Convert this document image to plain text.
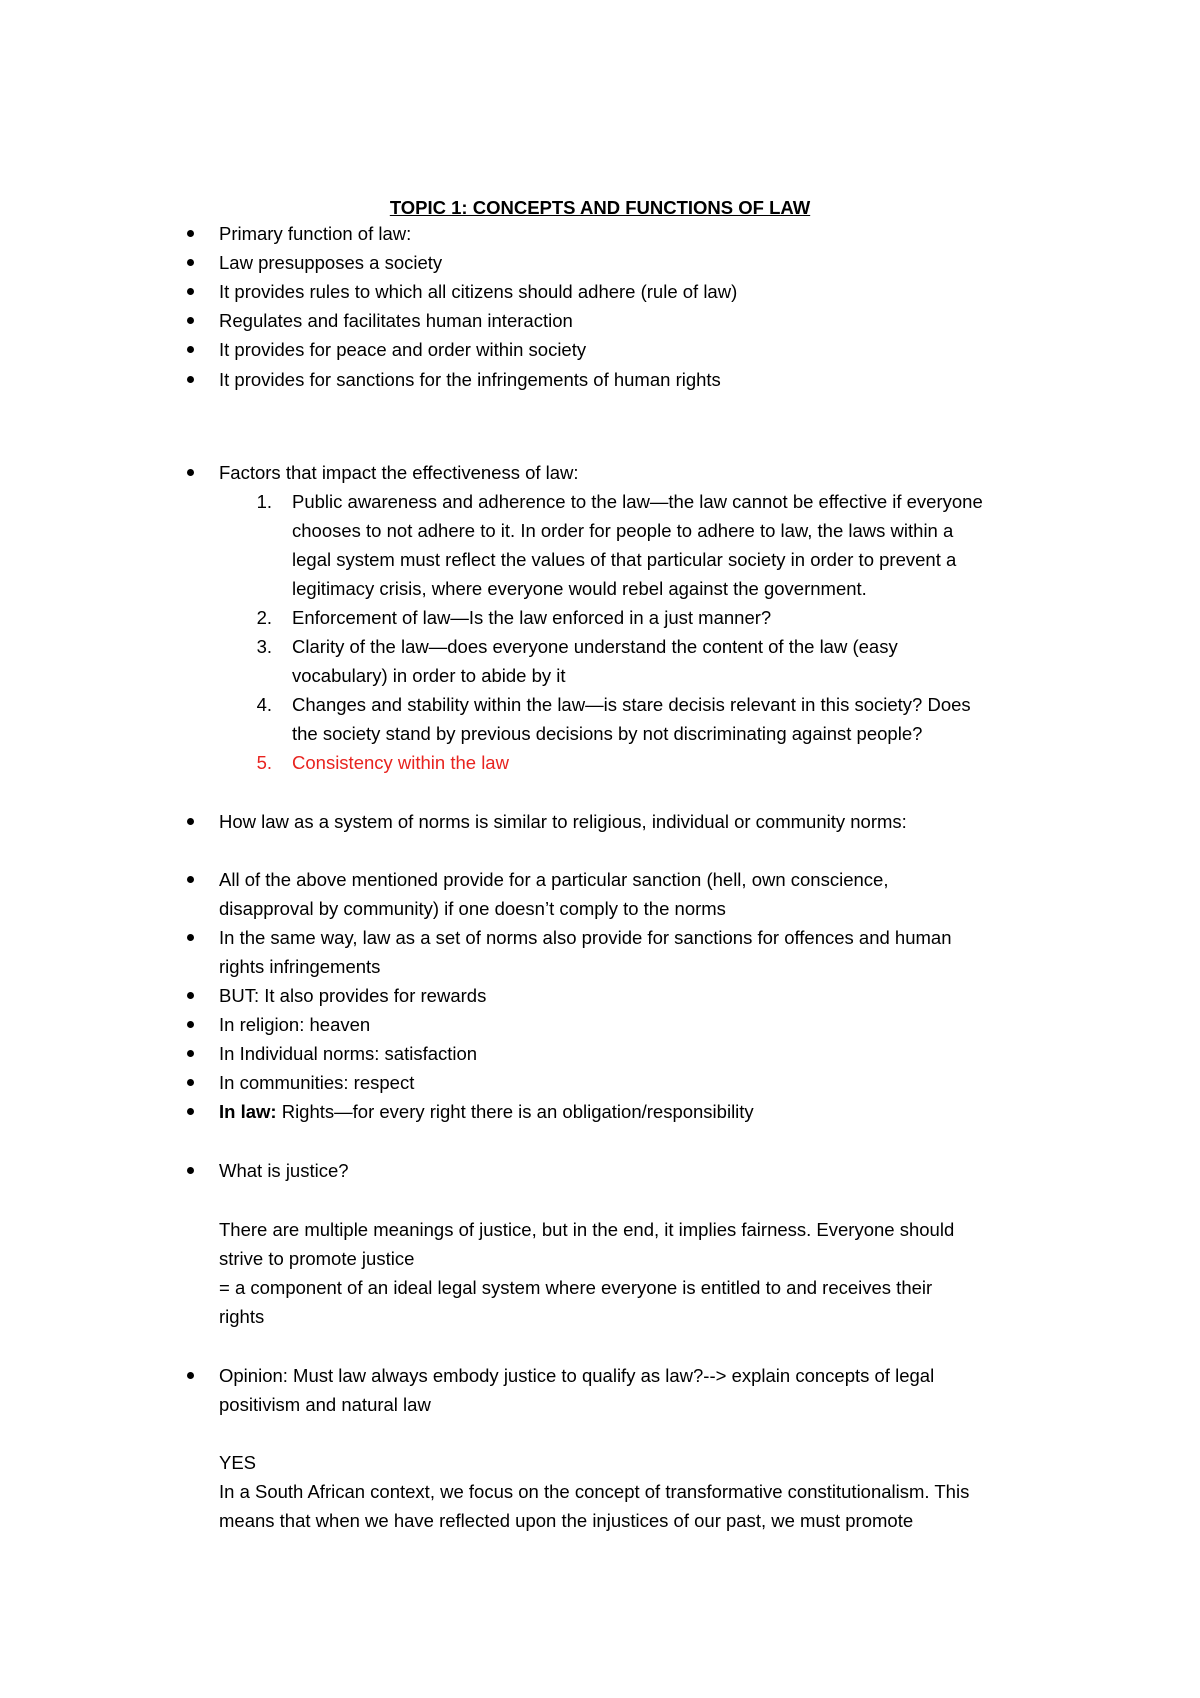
TOPIC 1: CONCEPTS AND FUNCTIONS OF LAW
Primary function of law:
Law presupposes a society
It provides rules to which all citizens should adhere (rule of law)
Regulates and facilitates human interaction
It provides for peace and order within society
It provides for sanctions for the infringements of human rights
Factors that impact the effectiveness of law:
1. Public awareness and adherence to the law—the law cannot be effective if everyone
chooses to not adhere to it. In order for people to adhere to law, the laws within a
legal system must reflect the values of that particular society in order to prevent a
legitimacy crisis, where everyone would rebel against the government.
2. Enforcement of law—Is the law enforced in a just manner?
3. Clarity of the law—does everyone understand the content of the law (easy
vocabulary) in order to abide by it
4. Changes and stability within the law—is stare decisis relevant in this society? Does
the society stand by previous decisions by not discriminating against people?
5. Consistency within the law
How law as a system of norms is similar to religious, individual or community norms:
All of the above mentioned provide for a particular sanction (hell, own conscience,
disapproval by community) if one doesn’t comply to the norms
In the same way, law as a set of norms also provide for sanctions for offences and human
rights infringements
BUT: It also provides for rewards
In religion: heaven
In Individual norms: satisfaction
In communities: respect
In law: Rights—for every right there is an obligation/responsibility
What is justice?
There are multiple meanings of justice, but in the end, it implies fairness. Everyone should
strive to promote justice
= a component of an ideal legal system where everyone is entitled to and receives their
rights
Opinion: Must law always embody justice to qualify as law?--> explain concepts of legal
positivism and natural law
YES
In a South African context, we focus on the concept of transformative constitutionalism. This
means that when we have reflected upon the injustices of our past, we must promote
